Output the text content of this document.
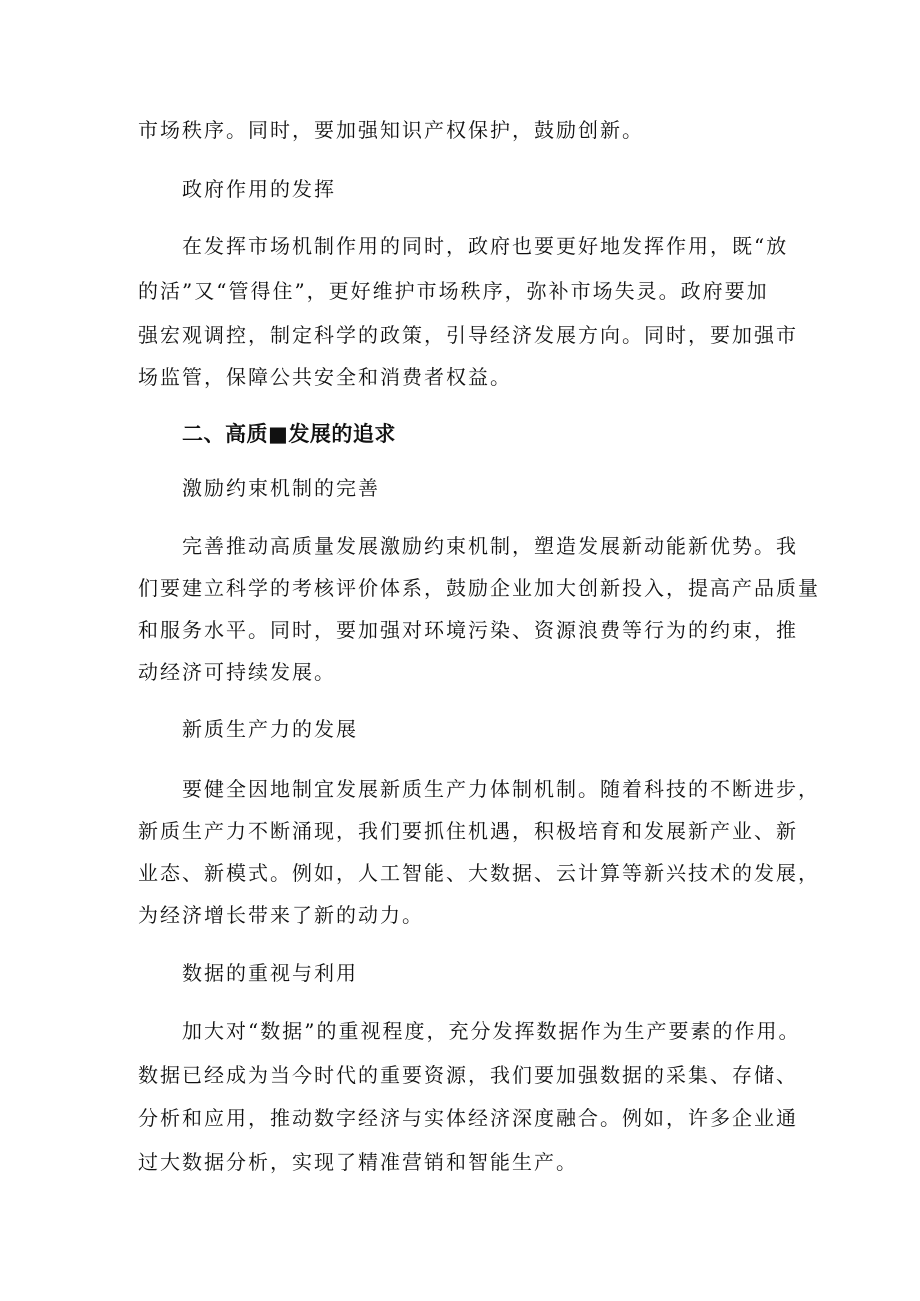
市场秩序。同时，要加强知识产权保护，鼓励创新。
政府作用的发挥
在发挥市场机制作用的同时，政府也要更好地发挥作用，既“放
的活”又“管得住”，更好维护市场秩序，弥补市场失灵。政府要加
强宏观调控，制定科学的政策，引导经济发展方向。同时，要加强市
场监管，保障公共安全和消费者权益。
二、高质■发展的追求
激励约束机制的完善
完善推动高质量发展激励约束机制，塑造发展新动能新优势。我
们要建立科学的考核评价体系，鼓励企业加大创新投入，提高产品质量
和服务水平。同时，要加强对环境污染、资源浪费等行为的约束，推
动经济可持续发展。
新质生产力的发展
要健全因地制宜发展新质生产力体制机制。随着科技的不断进步，
新质生产力不断涌现，我们要抓住机遇，积极培育和发展新产业、新
业态、新模式。例如，人工智能、大数据、云计算等新兴技术的发展，
为经济增长带来了新的动力。
数据的重视与利用
加大对“数据”的重视程度，充分发挥数据作为生产要素的作用。
数据已经成为当今时代的重要资源，我们要加强数据的采集、存储、
分析和应用，推动数字经济与实体经济深度融合。例如，许多企业通
过大数据分析，实现了精准营销和智能生产。
